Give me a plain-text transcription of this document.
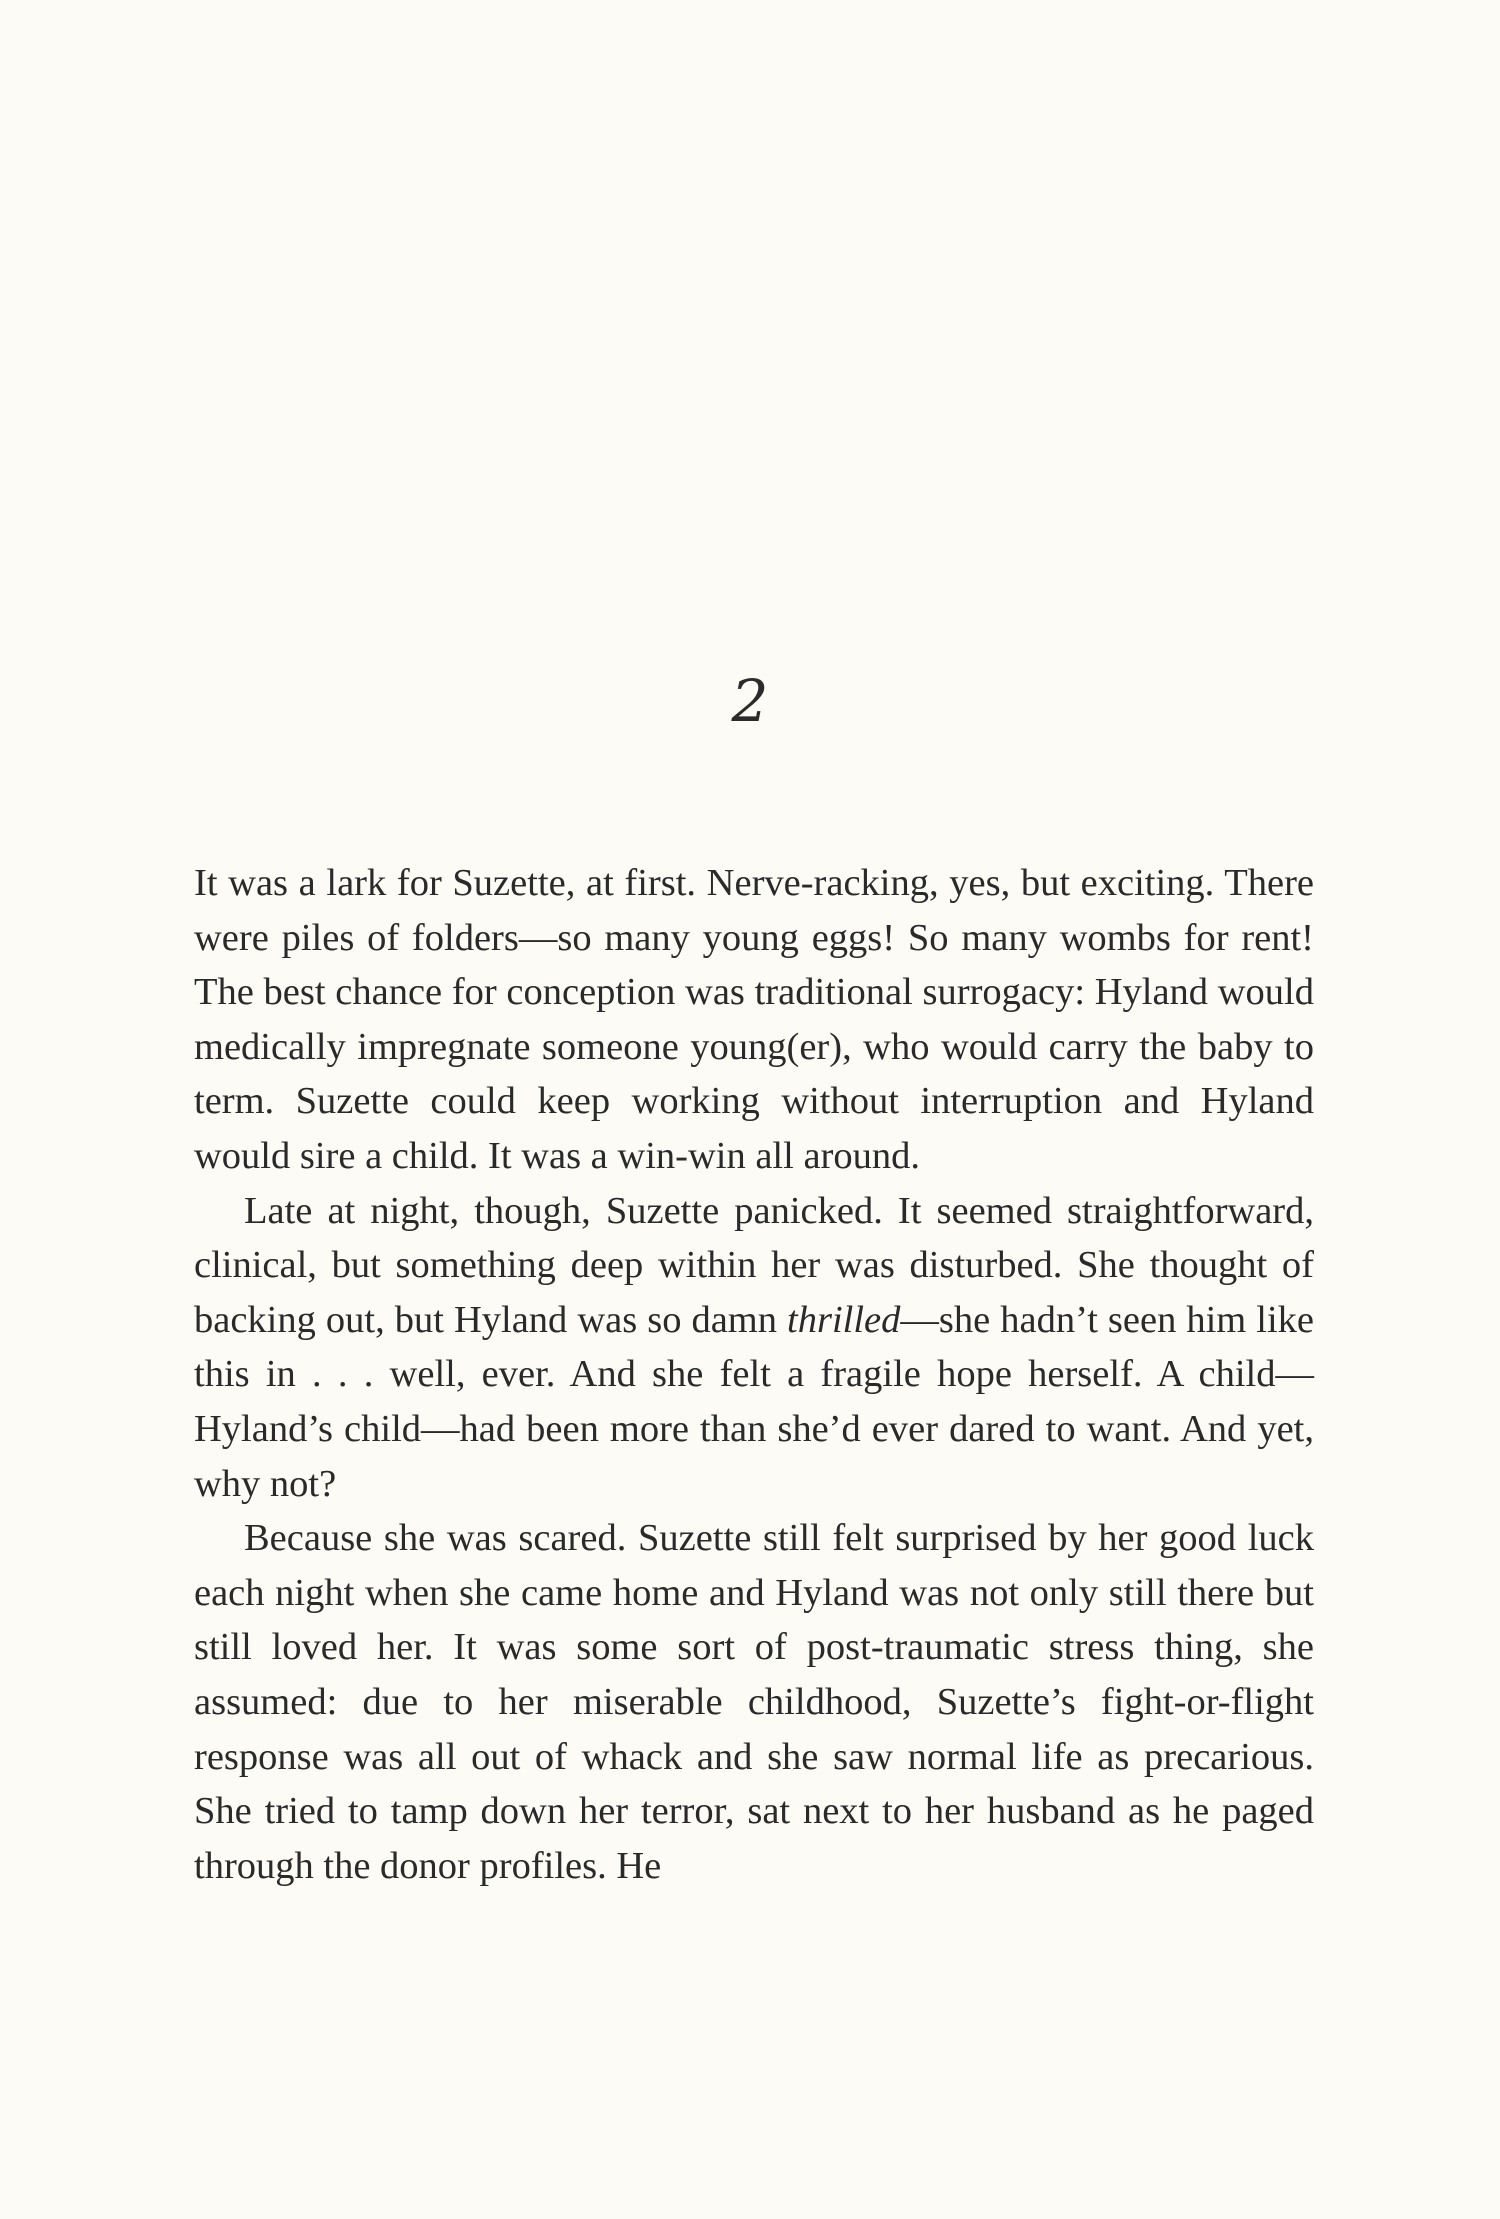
2

It was a lark for Suzette, at first. Nerve-racking, yes, but exciting. There were piles of folders—so many young eggs! So many wombs for rent! The best chance for conception was traditional surrogacy: Hyland would medically impregnate someone young(er), who would carry the baby to term. Suzette could keep working without interruption and Hyland would sire a child. It was a win-win all around.

Late at night, though, Suzette panicked. It seemed straightforward, clinical, but something deep within her was disturbed. She thought of backing out, but Hyland was so damn thrilled—she hadn’t seen him like this in . . . well, ever. And she felt a fragile hope herself. A child—Hyland’s child—had been more than she’d ever dared to want. And yet, why not?

Because she was scared. Suzette still felt surprised by her good luck each night when she came home and Hyland was not only still there but still loved her. It was some sort of post-traumatic stress thing, she assumed: due to her miserable childhood, Suzette’s fight-or-flight response was all out of whack and she saw normal life as precarious. She tried to tamp down her terror, sat next to her husband as he paged through the donor profiles. He
